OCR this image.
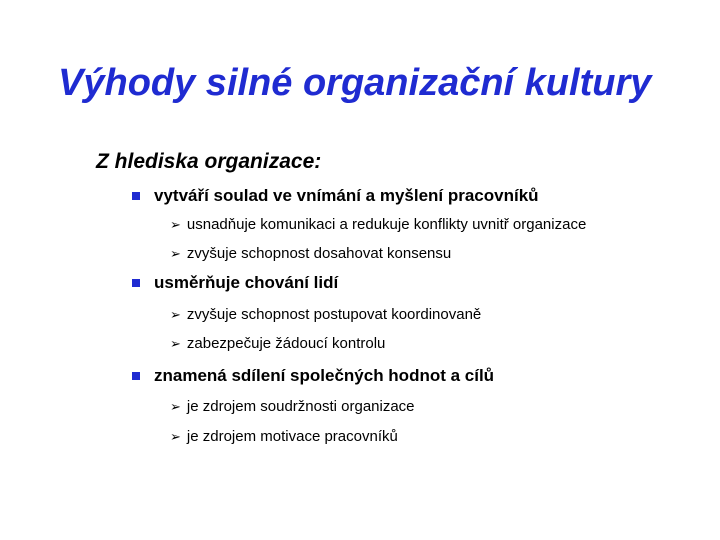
Výhody silné organizační kultury
Z hlediska organizace:
vytváří soulad ve vnímání a myšlení pracovníků
➢ usnadňuje komunikaci a redukuje konflikty uvnitř organizace
➢ zvyšuje schopnost dosahovat konsensu
usměrňuje chování lidí
➢ zvyšuje schopnost postupovat koordinovaně
➢ zabezpečuje žádoucí kontrolu
znamená sdílení společných hodnot a cílů
➢ je zdrojem soudržnosti organizace
➢ je zdrojem motivace pracovníků
